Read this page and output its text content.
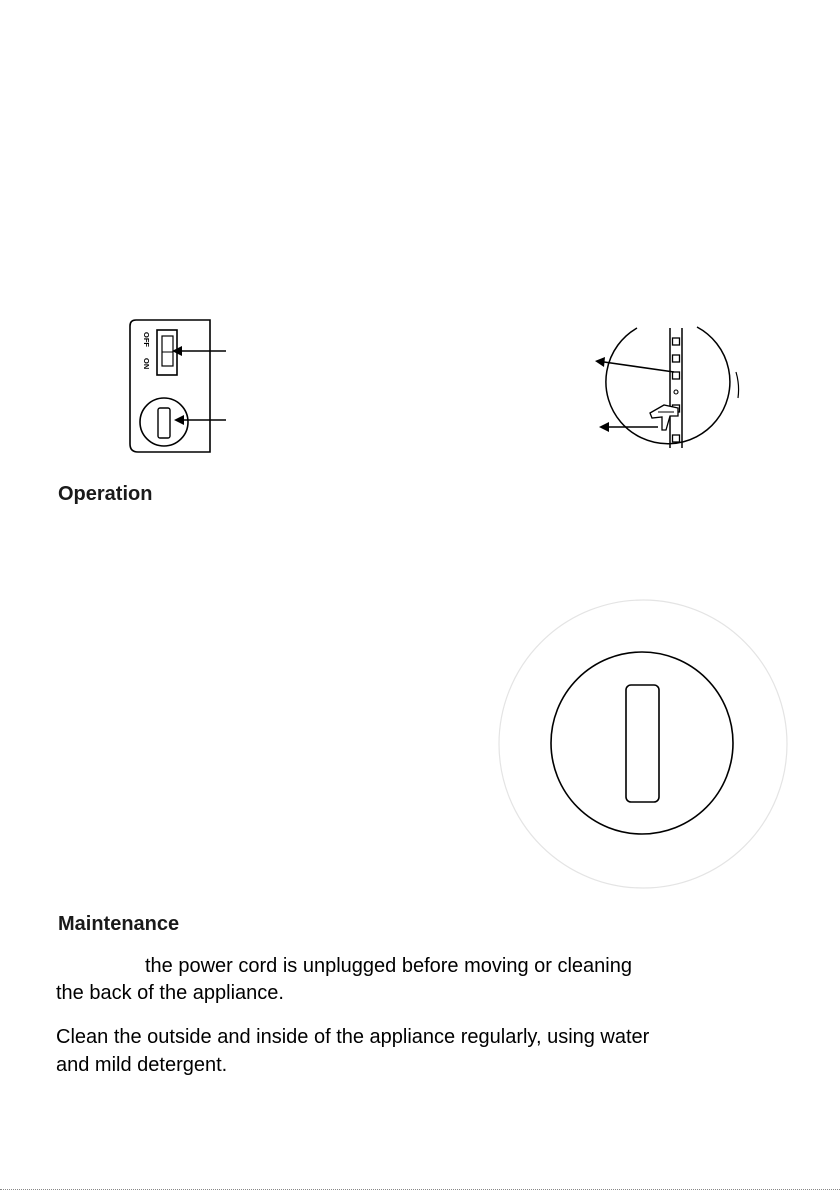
OFF
ON

Operation

Maintenance

the power cord is unplugged before moving or cleaning

the back of the appliance.

Clean the outside and inside of the appliance regularly, using water

and mild detergent.
